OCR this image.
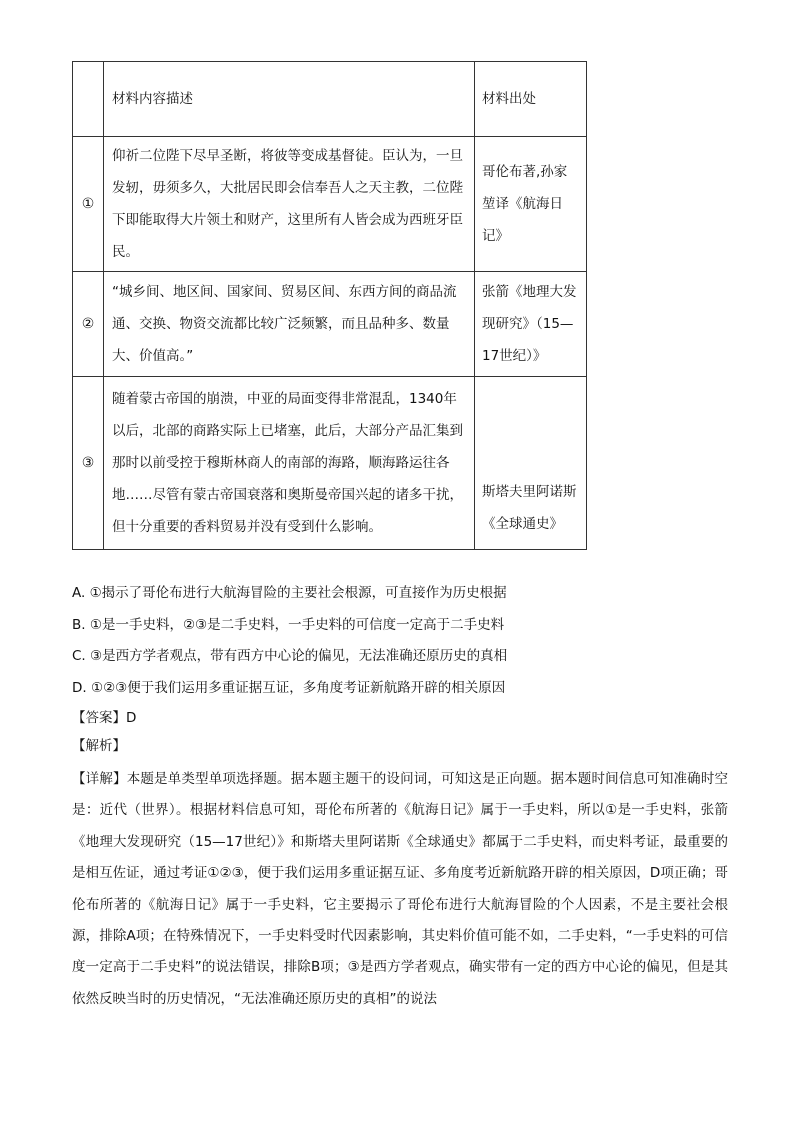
	材料内容描述	材料出处

①	仰祈二位陛下尽早圣断，将彼等变成基督徒。臣认为，一旦发轫，毋须多久，大批居民即会信奉吾人之天主教，二位陛下即能取得大片领土和财产，这里所有人皆会成为西班牙臣民。	哥伦布著,孙家堃译《航海日记》

②	“城乡间、地区间、国家间、贸易区间、东西方间的商品流通、交换、物资交流都比较广泛频繁，而且品种多、数量大、价值高。”	张箭《地理大发现研究》（15—17世纪）》

③	随着蒙古帝国的崩溃，中亚的局面变得非常混乱，1340年以后，北部的商路实际上已堵塞，此后，大部分产品汇集到那时以前受控于穆斯林商人的南部的海路，顺海路运往各地……尽管有蒙古帝国衰落和奥斯曼帝国兴起的诸多干扰，但十分重要的香料贸易并没有受到什么影响。	斯塔夫里阿诺斯《全球通史》
A. ①揭示了哥伦布进行大航海冒险的主要社会根源，可直接作为历史根据
B. ①是一手史料，②③是二手史料，一手史料的可信度一定高于二手史料
C. ③是西方学者观点，带有西方中心论的偏见，无法准确还原历史的真相
D. ①②③便于我们运用多重证据互证，多角度考证新航路开辟的相关原因
【答案】D
【解析】

【详解】本题是单类型单项选择题。据本题主题干的设问词，可知这是正向题。据本题时间信息可知准确时空是：近代（世界）。根据材料信息可知，哥伦布所著的《航海日记》属于一手史料，所以①是一手史料，张箭《地理大发现研究（15—17世纪）》和斯塔夫里阿诺斯《全球通史》都属于二手史料，而史料考证，最重要的是相互佐证，通过考证①②③，便于我们运用多重证据互证、多角度考近新航路开辟的相关原因，D项正确；哥伦布所著的《航海日记》属于一手史料，它主要揭示了哥伦布进行大航海冒险的个人因素，不是主要社会根源，排除A项；在特殊情况下，一手史料受时代因素影响，其史料价值可能不如，二手史料，“一手史料的可信度一定高于二手史料”的说法错误，排除B项；③是西方学者观点，确实带有一定的西方中心论的偏见，但是其依然反映当时的历史情况，“无法准确还原历史的真相”的说法
